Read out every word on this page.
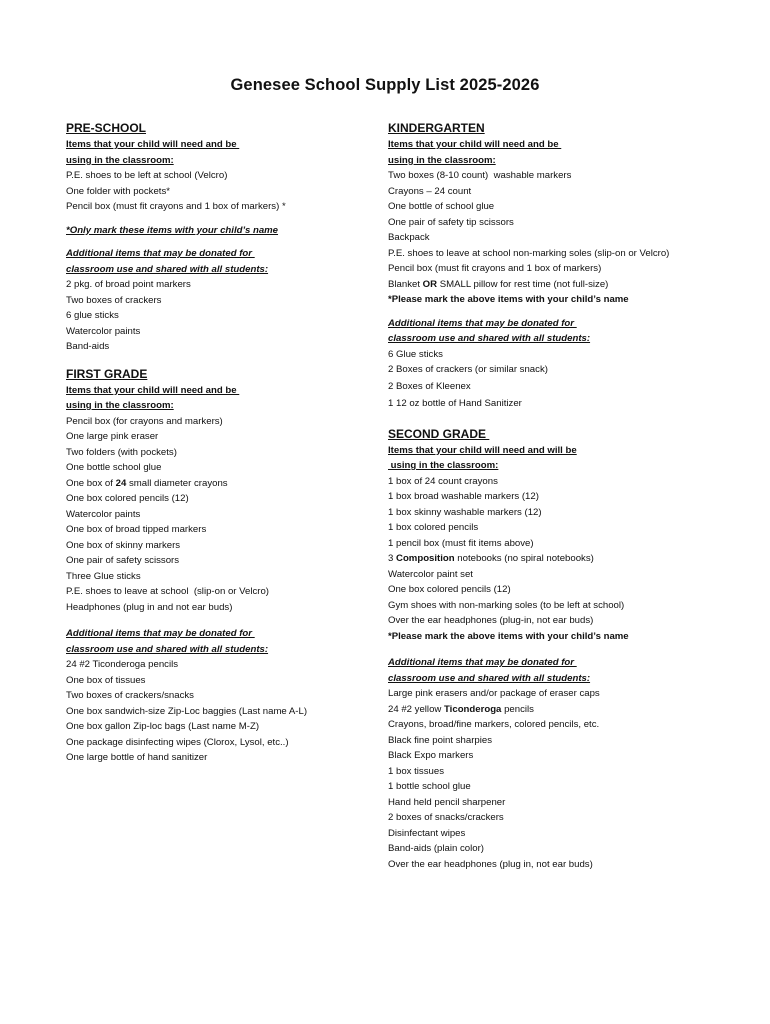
Genesee School Supply List 2025-2026
PRE-SCHOOL
Items that your child will need and be
using in the classroom:
P.E. shoes to be left at school (Velcro)
One folder with pockets*
Pencil box (must fit crayons and 1 box of markers) *
*Only mark these items with your child’s name
Additional items that may be donated for
classroom use and shared with all students:
2 pkg. of broad point markers
Two boxes of crackers
6 glue sticks
Watercolor paints
Band-aids
FIRST GRADE
Items that your child will need and be
using in the classroom:
Pencil box (for crayons and markers)
One large pink eraser
Two folders (with pockets)
One bottle school glue
One box of 24 small diameter crayons
One box colored pencils (12)
Watercolor paints
One box of broad tipped markers
One box of skinny markers
One pair of safety scissors
Three Glue sticks
P.E. shoes to leave at school  (slip-on or Velcro)
Headphones (plug in and not ear buds)
Additional items that may be donated for
classroom use and shared with all students:
24 #2 Ticonderoga pencils
One box of tissues
Two boxes of crackers/snacks
One box sandwich-size Zip-Loc baggies (Last name A-L)
One box gallon Zip-loc bags (Last name M-Z)
One package disinfecting wipes (Clorox, Lysol, etc..)
One large bottle of hand sanitizer
KINDERGARTEN
Items that your child will need and be
using in the classroom:
Two boxes (8-10 count)  washable markers
Crayons – 24 count
One bottle of school glue
One pair of safety tip scissors
Backpack
P.E. shoes to leave at school non-marking soles (slip-on or Velcro)
Pencil box (must fit crayons and 1 box of markers)
Blanket OR SMALL pillow for rest time (not full-size)
*Please mark the above items with your child’s name
Additional items that may be donated for
classroom use and shared with all students:
6 Glue sticks
2 Boxes of crackers (or similar snack)
2 Boxes of Kleenex
1 12 oz bottle of Hand Sanitizer
SECOND GRADE
Items that your child will need and will be
using in the classroom:
1 box of 24 count crayons
1 box broad washable markers (12)
1 box skinny washable markers (12)
1 box colored pencils
1 pencil box (must fit items above)
3 Composition notebooks (no spiral notebooks)
Watercolor paint set
One box colored pencils (12)
Gym shoes with non-marking soles (to be left at school)
Over the ear headphones (plug-in, not ear buds)
*Please mark the above items with your child’s name
Additional items that may be donated for
classroom use and shared with all students:
Large pink erasers and/or package of eraser caps
24 #2 yellow Ticonderoga pencils
Crayons, broad/fine markers, colored pencils, etc.
Black fine point sharpies
Black Expo markers
1 box tissues
1 bottle school glue
Hand held pencil sharpener
2 boxes of snacks/crackers
Disinfectant wipes
Band-aids (plain color)
Over the ear headphones (plug in, not ear buds)
